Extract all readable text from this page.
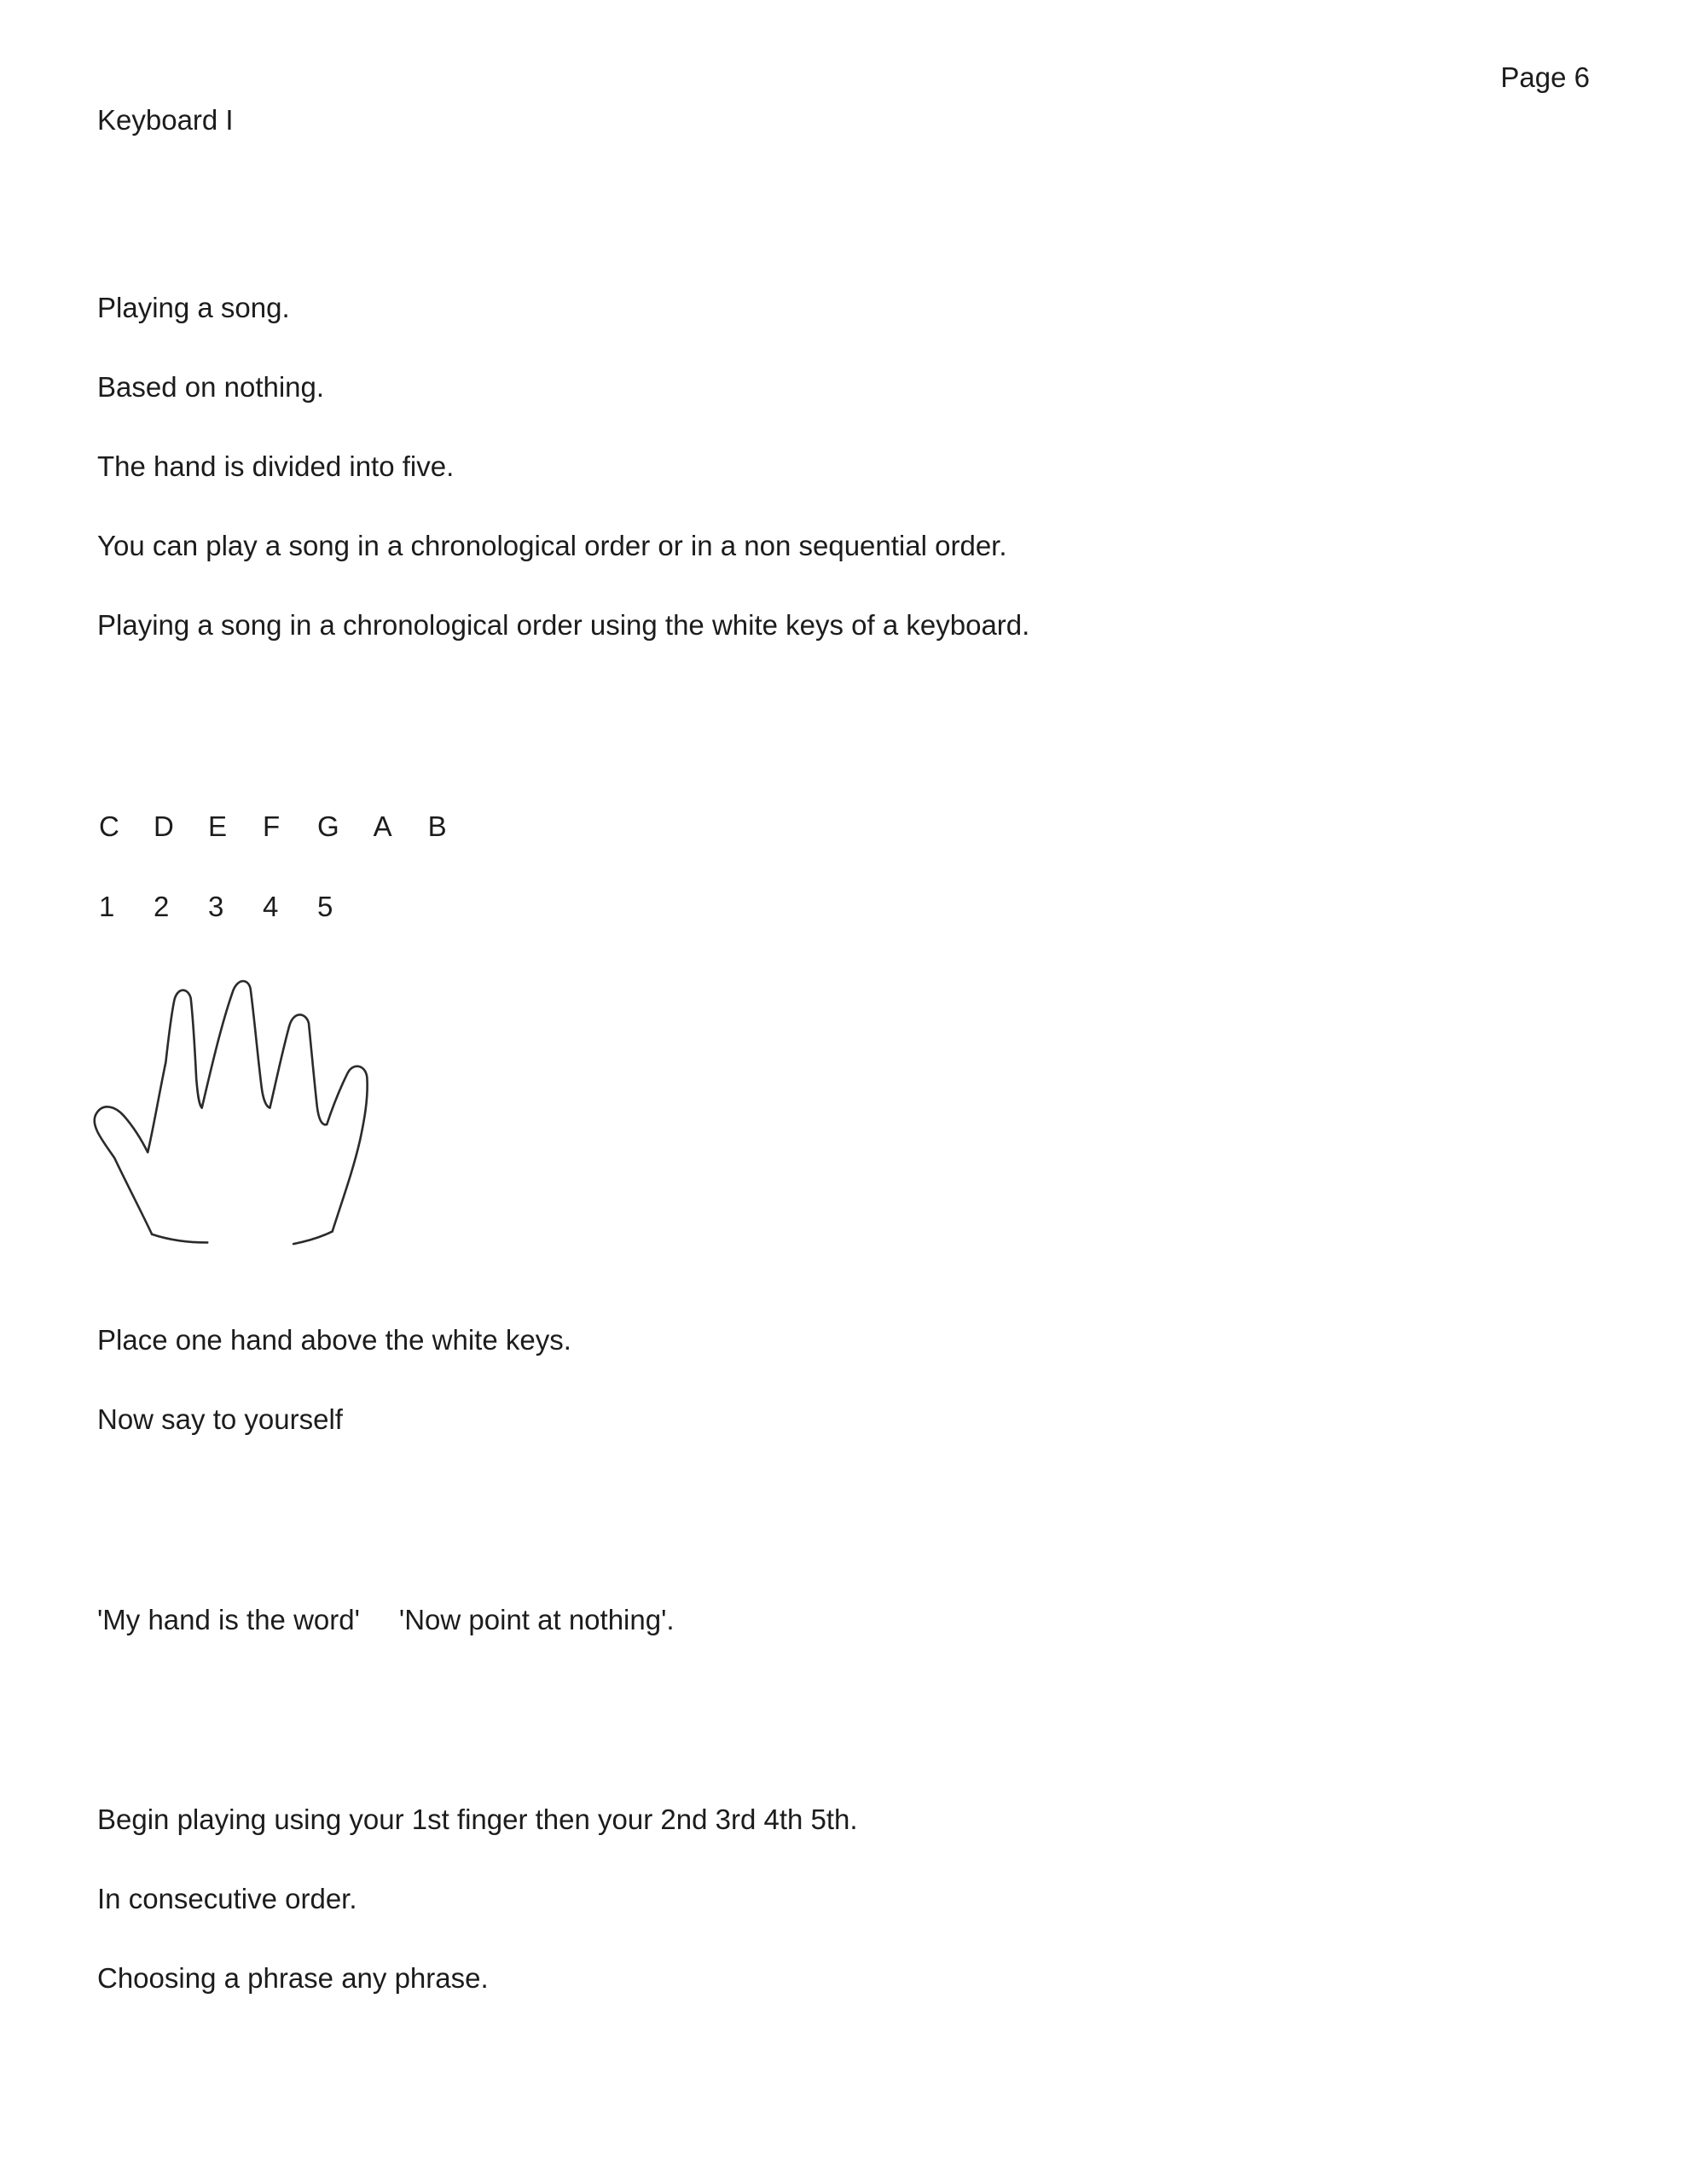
Page 6
Keyboard I

Playing a song.

Based on nothing.

The hand is divided into five.

You can play a song in a chronological order or in a non sequential order.

Playing a song in a chronological order using the white keys of a keyboard.

C D E F G A B
1 2 3 4 5

Place one hand above the white keys.

Now say to yourself

'My hand is the word' 'Now point at nothing'.

Begin playing using your 1st finger then your 2nd 3rd 4th 5th.

In consecutive order.

Choosing a phrase any phrase.
